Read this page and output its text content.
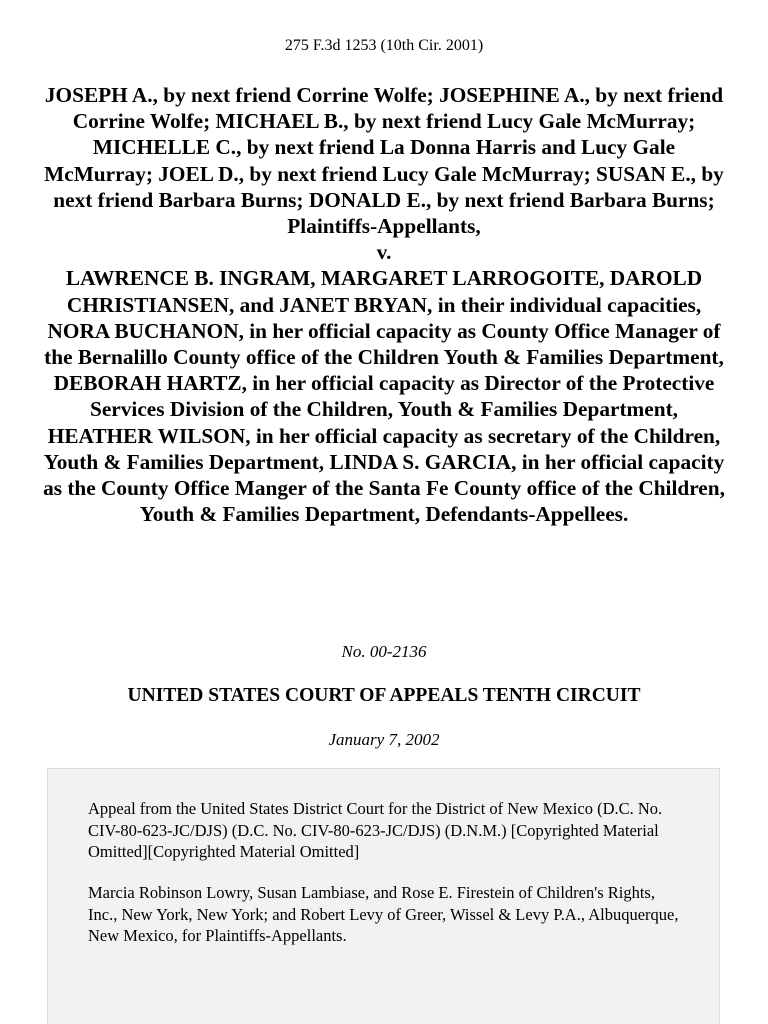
275 F.3d 1253 (10th Cir. 2001)

JOSEPH A., by next friend Corrine Wolfe; JOSEPHINE A., by next friend Corrine Wolfe; MICHAEL B., by next friend Lucy Gale McMurray; MICHELLE C., by next friend La Donna Harris and Lucy Gale McMurray; JOEL D., by next friend Lucy Gale McMurray; SUSAN E., by next friend Barbara Burns; DONALD E., by next friend Barbara Burns; Plaintiffs-Appellants,

v.

LAWRENCE B. INGRAM, MARGARET LARROGOITE, DAROLD CHRISTIANSEN, and JANET BRYAN, in their individual capacities, NORA BUCHANON, in her official capacity as County Office Manager of the Bernalillo County office of the Children Youth & Families Department, DEBORAH HARTZ, in her official capacity as Director of the Protective Services Division of the Children, Youth & Families Department, HEATHER WILSON, in her official capacity as secretary of the Children, Youth & Families Department, LINDA S. GARCIA, in her official capacity as the County Office Manger of the Santa Fe County office of the Children, Youth & Families Department, Defendants-Appellees.

No. 00-2136
UNITED STATES COURT OF APPEALS TENTH CIRCUIT
January 7, 2002

Appeal from the United States District Court for the District of New Mexico (D.C. No. CIV-80-623-JC/DJS) (D.C. No. CIV-80-623-JC/DJS) (D.N.M.) [Copyrighted Material Omitted][Copyrighted Material Omitted]

Marcia Robinson Lowry, Susan Lambiase, and Rose E. Firestein of Children's Rights, Inc., New York, New York; and Robert Levy of Greer, Wissel & Levy P.A., Albuquerque, New Mexico, for Plaintiffs-Appellants.
